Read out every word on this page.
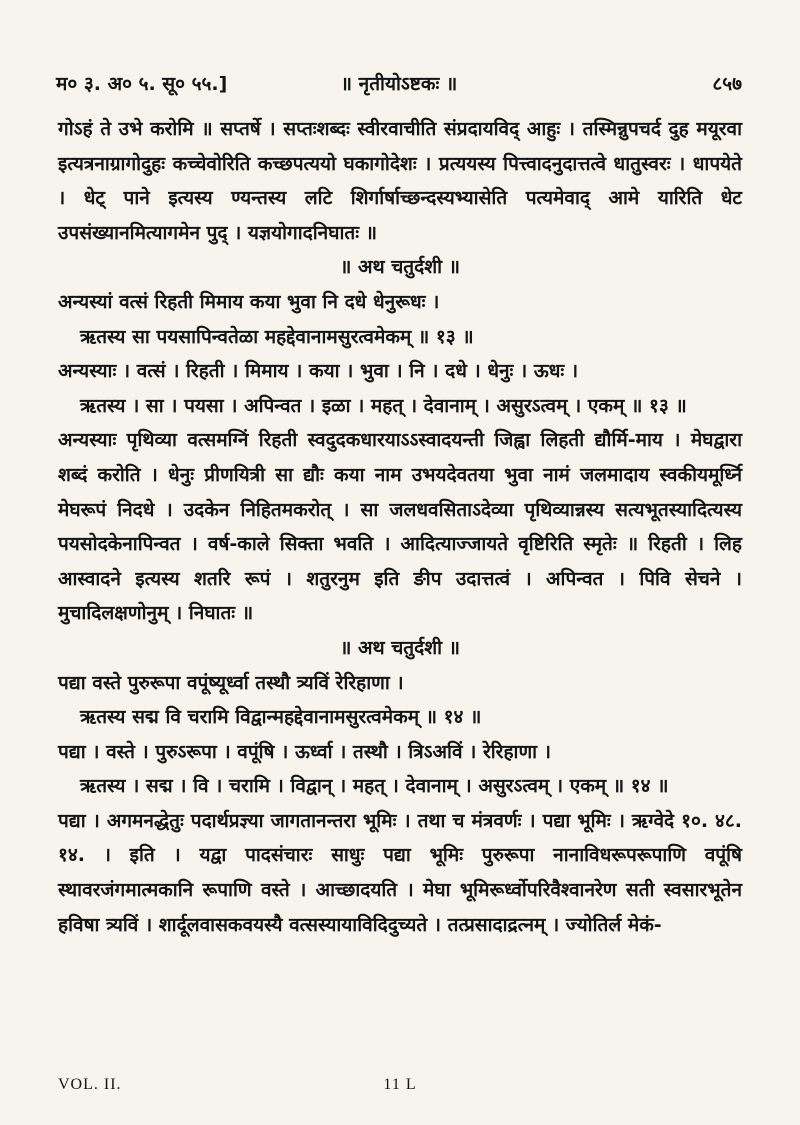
म० ३. अ० ५. सू० ५५.]	॥ नृतीयोऽष्टकः ॥	८५७

गोऽहं ते उभे करोमि ॥ सप्तर्षे । सप्तःशब्दः स्वीरवाचीति संप्रदायविद् आहुः । तस्मिन्नुपचर्द दुह मयूरवा इत्यत्रनाग्रागोदुहः कच्चेवोरिति कच्छपत्ययो घकागोदेशः । प्रत्ययस्य पित्त्वादनुदात्तत्वे धातुस्वरः । धापयेते । धेट् पाने इत्यस्य ण्यन्तस्य लटि शिर्गार्षाच्छन्दस्यभ्यासेति पत्यमेवाद् आमे यारिति धेट उपसंख्यानमित्यागमेन पुद् । यज्ञयोगादनिघातः ॥

॥ अथ चतुर्दशी ॥

अन्यस्यां वत्सं रिहती मिमाय कया भुवा नि दधे धेनुरूधः ।

ऋतस्य सा पयसापिन्वतेळा महद्देवानामसुरत्वमेकम् ॥ १३ ॥

अन्यस्याः । वत्सं । रिहती । मिमाय । कया । भुवा । नि । दधे । धेनुः । ऊधः ।

ऋतस्य । सा । पयसा । अपिन्वत । इळा । महत् । देवानाम् । असुरऽत्वम् । एकम् ॥ १३ ॥

अन्यस्याः पृथिव्या वत्समग्निं रिहती स्वदुदकधारयाऽऽस्वादयन्ती जिह्वा लिहती द्यौर्मि-माय । मेघद्वारा शब्दं करोति । धेनुः प्रीणयित्री सा द्यौः कया नाम उभयदेवतया भुवा नामं जलमादाय स्वकीयमूर्ध्नि मेघरूपं निदधे । उदकेन निहितमकरोत् । सा जलधवसिताऽदेव्या पृथिव्यान्नस्य सत्यभूतस्यादित्यस्य पयसोदकेनापिन्वत । वर्ष-काले सिक्ता भवति । आदित्याज्जायते वृष्टिरिति स्मृतेः ॥ रिहती । लिह आस्वादने इत्यस्य शतरि रूपं । शतुरनुम इति ङीप उदात्तत्वं । अपिन्वत । पिवि सेचने । मुचादिलक्षणोनुम् । निघातः ॥

॥ अथ चतुर्दशी ॥

पद्या वस्ते पुरुरूपा वपूंष्यूर्ध्वा तस्थौ त्र्यविं रेरिहाणा ।

ऋतस्य सद्म वि चरामि विद्वान्महद्देवानामसुरत्वमेकम् ॥ १४ ॥

पद्या । वस्ते । पुरुऽरूपा । वपूंषि । ऊर्ध्वा । तस्थौ । त्रिऽअविं । रेरिहाणा ।

ऋतस्य । सद्म । वि । चरामि । विद्वान् । महत् । देवानाम् । असुरऽत्वम् । एकम् ॥ १४ ॥

पद्या । अगमनद्धेतुः पदार्थप्रज्ञ्या जागतानन्तरा भूमिः । तथा च मंत्रवर्णः । पद्या भूमिः । ऋग्वेदे १०. ४८. १४. । इति । यद्वा पादसंचारः साधुः पद्या भूमिः पुरुरूपा नानाविधरूपरूपाणि वपूंषि स्थावरजंगमात्मकानि रूपाणि वस्ते । आच्छादयति । मेघा भूमिरूर्ध्वोपरिवैश्वानरेण सती स्वसारभूतेन हविषा त्र्यविं । शार्दूलवासकवयस्यै वत्सस्यायाविदिदुच्यते । तत्प्रसादाद्रत्नम् । ज्योतिर्ल मेकं-

VOL. II.	11 L
